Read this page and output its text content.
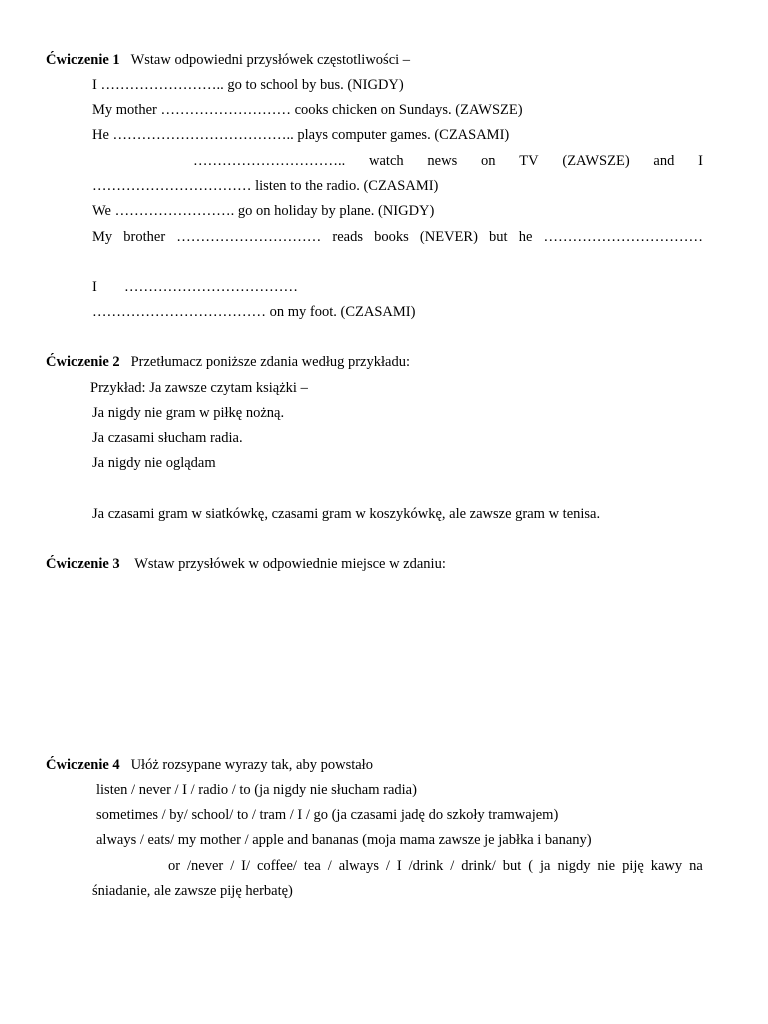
Ćwiczenie 1 Wstaw odpowiedni przysłówek częstotliwości –
I …………………….. go to school by bus. (NIGDY)
My mother ……………………… cooks chicken on Sundays. (ZAWSZE)
He ……………………………….. plays computer games. (CZASAMI)
………………………….. watch news on TV (ZAWSZE) and I
…………………………… listen to the radio. (CZASAMI)
We ……………………. go on holiday by plane. (NIGDY)
My brother ………………………… reads books (NEVER) but he ……………………………
I ………………………………
……………………………… on my foot. (CZASAMI)
Ćwiczenie 2 Przetłumacz poniższe zdania według przykładu:
Przykład: Ja zawsze czytam książki –
Ja nigdy nie gram w piłkę nożną.
Ja czasami słucham radia.
Ja nigdy nie oglądam
Ja czasami gram w siatkówkę, czasami gram w koszykówkę, ale zawsze gram w tenisa.
Ćwiczenie 3 Wstaw przysłówek w odpowiednie miejsce w zdaniu:
Ćwiczenie 4 Ułóż rozsypane wyrazy tak, aby powstało
listen / never / I / radio / to (ja nigdy nie słucham radia)
sometimes / by/ school/ to / tram / I / go (ja czasami jadę do szkoły tramwajem)
always / eats/ my mother / apple and bananas (moja mama zawsze je jabłka i banany)
or /never / I/ coffee/ tea / always / I /drink / drink/ but ( ja nigdy nie piję kawy na
śniadanie, ale zawsze piję herbatę)
